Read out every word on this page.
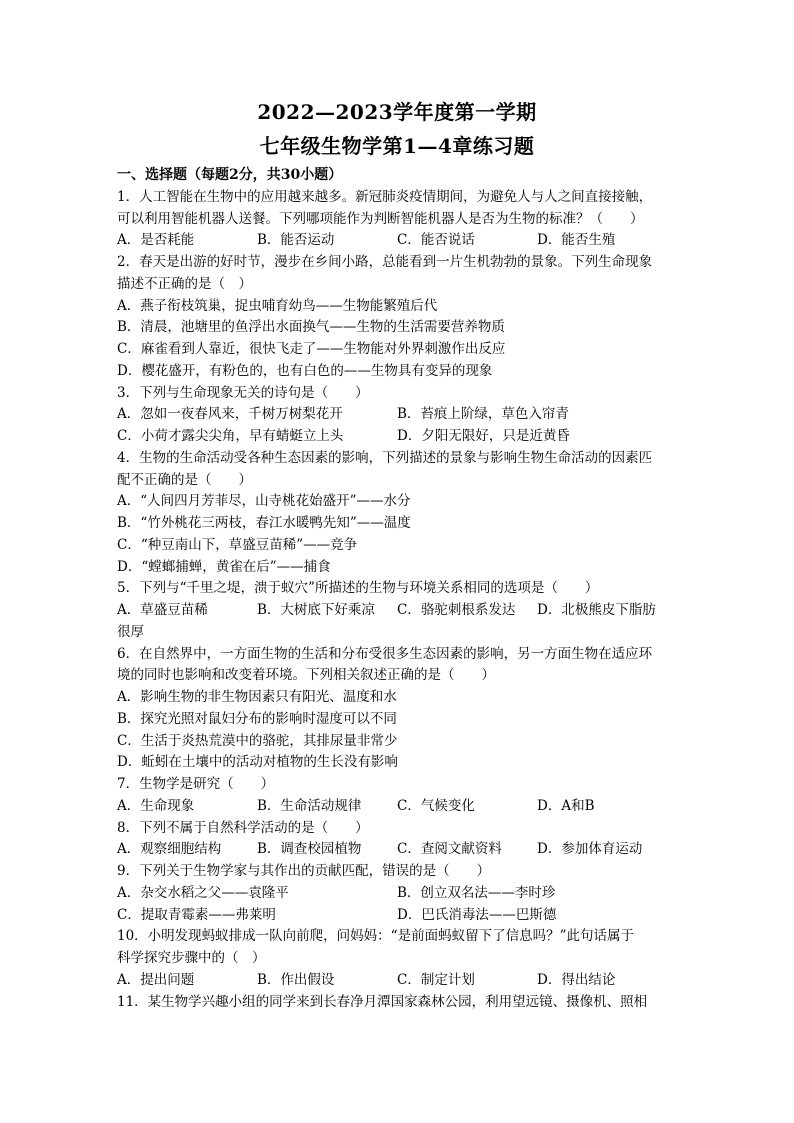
2022—2023学年度第一学期
七年级生物学第1—4章练习题
一、选择题（每题2分，共30小题）
1．人工智能在生物中的应用越来越多。新冠肺炎疫情期间，为避免人与人之间直接接触，
可以利用智能机器人送餐。下列哪项能作为判断智能机器人是否为生物的标准？（　　）
A．是否耗能	B．能否运动	C．能否说话	D．能否生殖
2．春天是出游的好时节，漫步在乡间小路，总能看到一片生机勃勃的景象。下列生命现象
描述不正确的是（　）
A．燕子衔枝筑巢，捉虫哺育幼鸟——生物能繁殖后代
B．清晨，池塘里的鱼浮出水面换气——生物的生活需要营养物质
C．麻雀看到人靠近，很快飞走了——生物能对外界刺激作出反应
D．樱花盛开，有粉色的，也有白色的——生物具有变异的现象
3．下列与生命现象无关的诗句是（　　）
A．忽如一夜春风来，千树万树梨花开	B．苔痕上阶绿，草色入帘青
C．小荷才露尖尖角，早有蜻蜓立上头	D．夕阳无限好，只是近黄昏
4．生物的生命活动受各种生态因素的影响，下列描述的景象与影响生物生命活动的因素匹
配不正确的是（　　）
A．“人间四月芳菲尽，山寺桃花始盛开”——水分
B．“竹外桃花三两枝，春江水暖鸭先知”——温度
C．“种豆南山下，草盛豆苗稀”——竞争
D．“螳螂捕蝉，黄雀在后”——捕食
5．下列与“千里之堤，溃于蚁穴”所描述的生物与环境关系相同的选项是（　　）
A．草盛豆苗稀	B．大树底下好乘凉	C．骆驼刺根系发达	D．北极熊皮下脂肪
很厚
6．在自然界中，一方面生物的生活和分布受很多生态因素的影响，另一方面生物在适应环
境的同时也影响和改变着环境。下列相关叙述正确的是（　　）
A．影响生物的非生物因素只有阳光、温度和水
B．探究光照对鼠妇分布的影响时湿度可以不同
C．生活于炎热荒漠中的骆驼，其排尿量非常少
D．蚯蚓在土壤中的活动对植物的生长没有影响
7．生物学是研究（　　）
A．生命现象	B．生命活动规律	C．气候变化	D．A和B
8．下列不属于自然科学活动的是（　　）
A．观察细胞结构	B．调查校园植物	C．查阅文献资料	D．参加体育运动
9．下列关于生物学家与其作出的贡献匹配，错误的是（　　）
A．杂交水稻之父——袁隆平	B．创立双名法——李时珍
C．提取青霉素——弗莱明	D．巴氏消毒法——巴斯德
10．小明发现蚂蚁排成一队向前爬，问妈妈：“是前面蚂蚁留下了信息吗？”此句话属于
科学探究步骤中的（　）
A．提出问题	B．作出假设	C．制定计划	D．得出结论
11．某生物学兴趣小组的同学来到长春净月潭国家森林公园，利用望远镜、摄像机、照相
